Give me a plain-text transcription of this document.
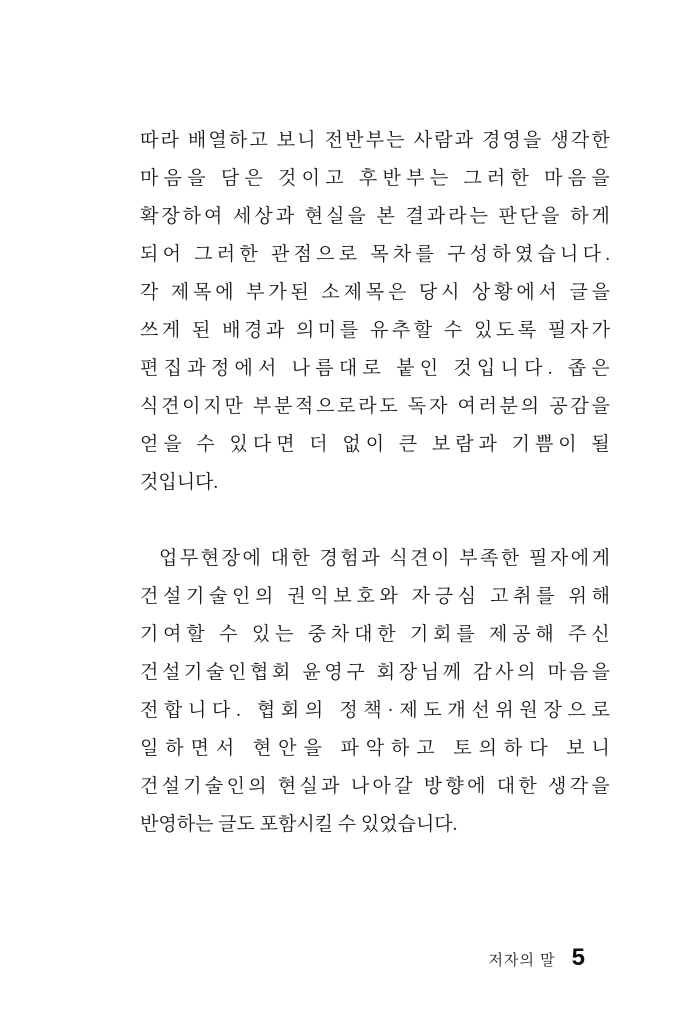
따 라
배 열 하 고
보 니
전 반 부 는
사 람 과
경 영 을
생 각 한
마 음 을
담 은
것 이 고
후 반 부 는
그 러 한
마 음 을
확 장 하 여
세 상 과
현 실 을
본
결 과 라 는
판 단 을
하 게
되 어
그 러 한
관 점 으 로
목 차 를
구 성 하 였 습 니 다 .
각
제 목 에
부 가 된
소 제 목 은
당 시
상 황 에 서
글 을
쓰 게
된
배 경 과
의 미 를
유 추 할
수
있 도 록
필 자 가
편 집 과 정 에 서
나 름 대 로
붙 인
것 입 니 다 .
좁 은
식 견 이 지 만
부 분 적 으 로 라 도
독 자
여 러 분 의
공 감 을
얻 을
수
있 다 면
더
없 이
큰
보 람 과
기 쁨 이
될
것입니다.
업 무 현 장 에
대 한
경 험 과
식 견 이
부 족 한
필 자 에 게
건 설 기 술 인 의
권 익 보 호 와
자 긍 심
고 취 를
위 해
기 여 할
수
있 는
중 차 대 한
기 회 를
제 공 해
주 신
건 설 기 술 인 협 회
윤 영 구
회 장 님 께
감 사 의
마 음 을
전 합 니 다 .
협 회 의
정 책 · 제 도 개 선 위 원 장 으 로
일 하 면 서
현 안 을
파 악 하 고
토 의 하 다
보 니
건 설 기 술 인 의
현 실 과
나 아 갈
방 향 에
대 한
생 각 을
반영하는 글도 포함시킬 수 있었습니다.
저자의 말 5
